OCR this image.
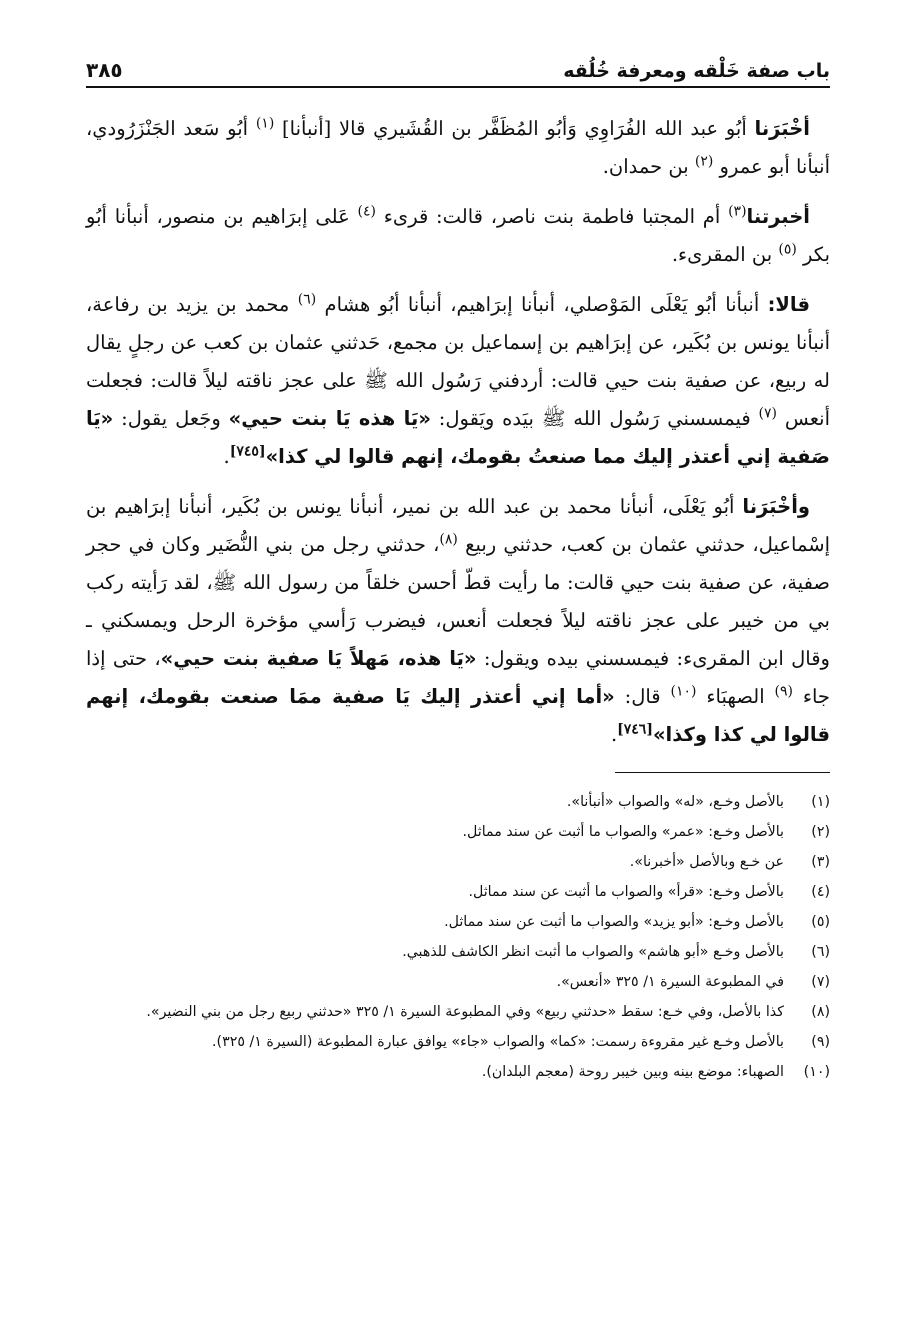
باب صفة خَلْقه ومعرفة خُلُقه
٣٨٥

أخْبَرَنا أبُو عبد الله الفُرَاوِي وَأبُو المُظَفَّر بن القُشَيري قالا [أنبأنا] $^{(١)}$ أبُو سَعد الجَنْزَرُودي، أنبأنا أبو عمرو $^{(٢)}$ بن حمدان.

أخبرتنا$^{(٣)}$ أم المجتبا فاطمة بنت ناصر، قالت: قرىء $^{(٤)}$ عَلى إبرَاهيم بن منصور، أنبأنا أبُو بكر $^{(٥)}$ بن المقرىء.

قالا: أنبأنا أبُو يَعْلَى المَوْصلي، أنبأنا إبرَاهيم، أنبأنا أبُو هشام $^{(٦)}$ محمد بن يزيد بن رفاعة، أنبأنا يونس بن بُكَير، عن إبرَاهيم بن إسماعيل بن مجمع، حَدثني عثمان بن كعب عن رجلٍ يقال له ربيع، عن صفية بنت حيي قالت: أردفني رَسُول الله ﷺ على عجز ناقته ليلاً قالت: فجعلت أنعس $^{(٧)}$ فيمسسني رَسُول الله ﷺ بيَده ويَقول: «يَا هذه يَا بنت حيي» وجَعل يقول: «يَا صَفية إني أعتذر إليك مما صنعتُ بقومك، إنهم قالوا لي كذا»[٧٤٥].

وأخْبَرَنا أبُو يَعْلَى، أنبأنا محمد بن عبد الله بن نمير، أنبأنا يونس بن بُكَير، أنبأنا إبرَاهيم بن إسْماعيل، حدثني عثمان بن كعب، حدثني ربيع $^{(٨)}$، حدثني رجل من بني النُّضَير وكان في حجر صفية، عن صفية بنت حيي قالت: ما رأيت قطّ أحسن خلقاً من رسول الله ﷺ، لقد رَأيته ركب بي من خيبر على عجز ناقته ليلاً فجعلت أنعس، فيضرب رَأسي مؤخرة الرحل ويمسكني ـ وقال ابن المقرىء: فيمسسني بيده ويقول: «يَا هذه، مَهلاً يَا صفية بنت حيي»، حتى إذا جاء $^{(٩)}$ الصهبَاء $^{(١٠)}$ قال: «أما إني أعتذر إليك يَا صفية ممَا صنعت بقومك، إنهم قالوا لي كذا وكذا»[٧٤٦].

(١)
بالأصل وخـع، «له» والصواب «أنبأنا».
(٢)
بالأصل وخـع: «عمر» والصواب ما أثبت عن سند مماثل.
(٣)
عن خـع وبالأصل «أخبرنا».
(٤)
بالأصل وخـع: «قرأ» والصواب ما أثبت عن سند مماثل.
(٥)
بالأصل وخـع: «أبو يزيد» والصواب ما أثبت عن سند مماثل.
(٦)
بالأصل وخـع «أبو هاشم» والصواب ما أثبت انظر الكاشف للذهبي.
(٧)
في المطبوعة السيرة ١/ ٣٢٥ «أنعس».
(٨)
كذا بالأصل، وفي خـع: سقط «حدثني ربيع» وفي المطبوعة السيرة ١/ ٣٢٥ «حدثني ربيع رجل من بني النضير».
(٩)
بالأصل وخـع غير مقروءة رسمت: «كما» والصواب «جاء» يوافق عبارة المطبوعة (السيرة ١/ ٣٢٥).
(١٠)
الصهباء: موضع بينه وبين خيبر روحة (معجم البلدان).
